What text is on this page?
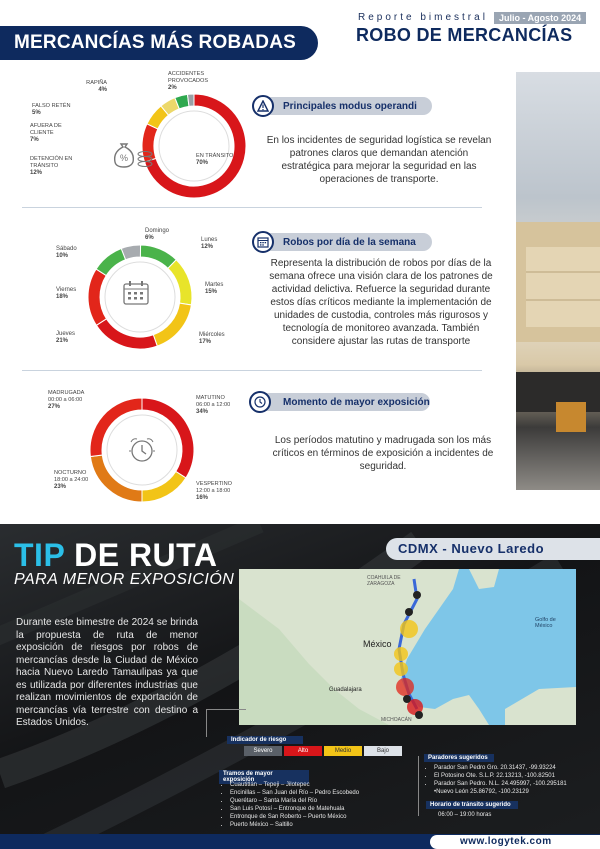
MERCANCÍAS MÁS ROBADAS
Reporte bimestral	Julio - Agosto 2024
ROBO DE MERCANCÍAS
%
RAPIÑA
4%
ACCIDENTES PROVOCADOS
2%
FALSO RETÉN
5%
AFUERA DE CLIENTE
7%
DETENCIÓN EN TRÁNSITO
12%
EN TRÁNSITO
70%
Principales modus operandi
En los incidentes de seguridad logística se revelan patrones claros que demandan atención estratégica para mejorar la seguridad en las operaciones de transporte.
Domingo
6%	Lunes
12%
Martes
15%
Miércoles
17%
Jueves
21%
Viernes
18%
Sábado
10%
Robos por día de la semana
Representa la distribución de robos por días de la semana ofrece una visión clara de los patrones de actividad delictiva. Refuerce la seguridad durante estos días críticos mediante la implementación de unidades de custodia, controles más rigurosos y tecnología de monitoreo avanzada. También considere ajustar las rutas de transporte
MADRUGADA
00:00 a 06:00
27%
MATUTINO
06:00 a 12:00
34%
VESPERTINO
12:00 a 18:00
16%
NOCTURNO
18:00 a 24:00
23%
Momento de mayor exposición
Los períodos matutino y madrugada son los más críticos en términos de exposición a incidentes de seguridad.
TIP DE RUTA
PARA MENOR EXPOSICIÓN
CDMX - Nuevo Laredo
Durante este bimestre de 2024 se brinda la propuesta de ruta de menor exposición de riesgos por robos de mercancías desde la Ciudad de México hacia Nuevo Laredo Tamaulipas ya que es utilizada por diferentes industrias que realizan movimientos de exportación de mercancías vía terrestre con destino a Estados Unidos.
México
COAHUILA DE ZARAGOZA
Golfo de México
Guadalajara
MICHOACÁN
Indicador de riesgo
Severo	Alto	Medio	Bajo
Tramos de mayor exposición
• Cuautitlán – Tepeji – Jilotepec
• Encinillas – San Juan del Río – Pedro Escobedo
• Querétaro – Santa María del Río
• San Luis Potosí – Entronque de Matehuala
• Entronque de San Roberto – Puerto México
• Puerto México – Saltillo
Paradores sugeridos
• Parador San Pedro Gro. 20.31437, -99.93224
• El Potosino Ote. S.L.P. 22.13213, -100.82501
• Parador San Pedro. N.L. 24.495997, -100.295181
•Nuevo León 25.86792, -100.23129
Horario de tránsito sugerido
06:00 – 19:00 horas
www.logytek.com
